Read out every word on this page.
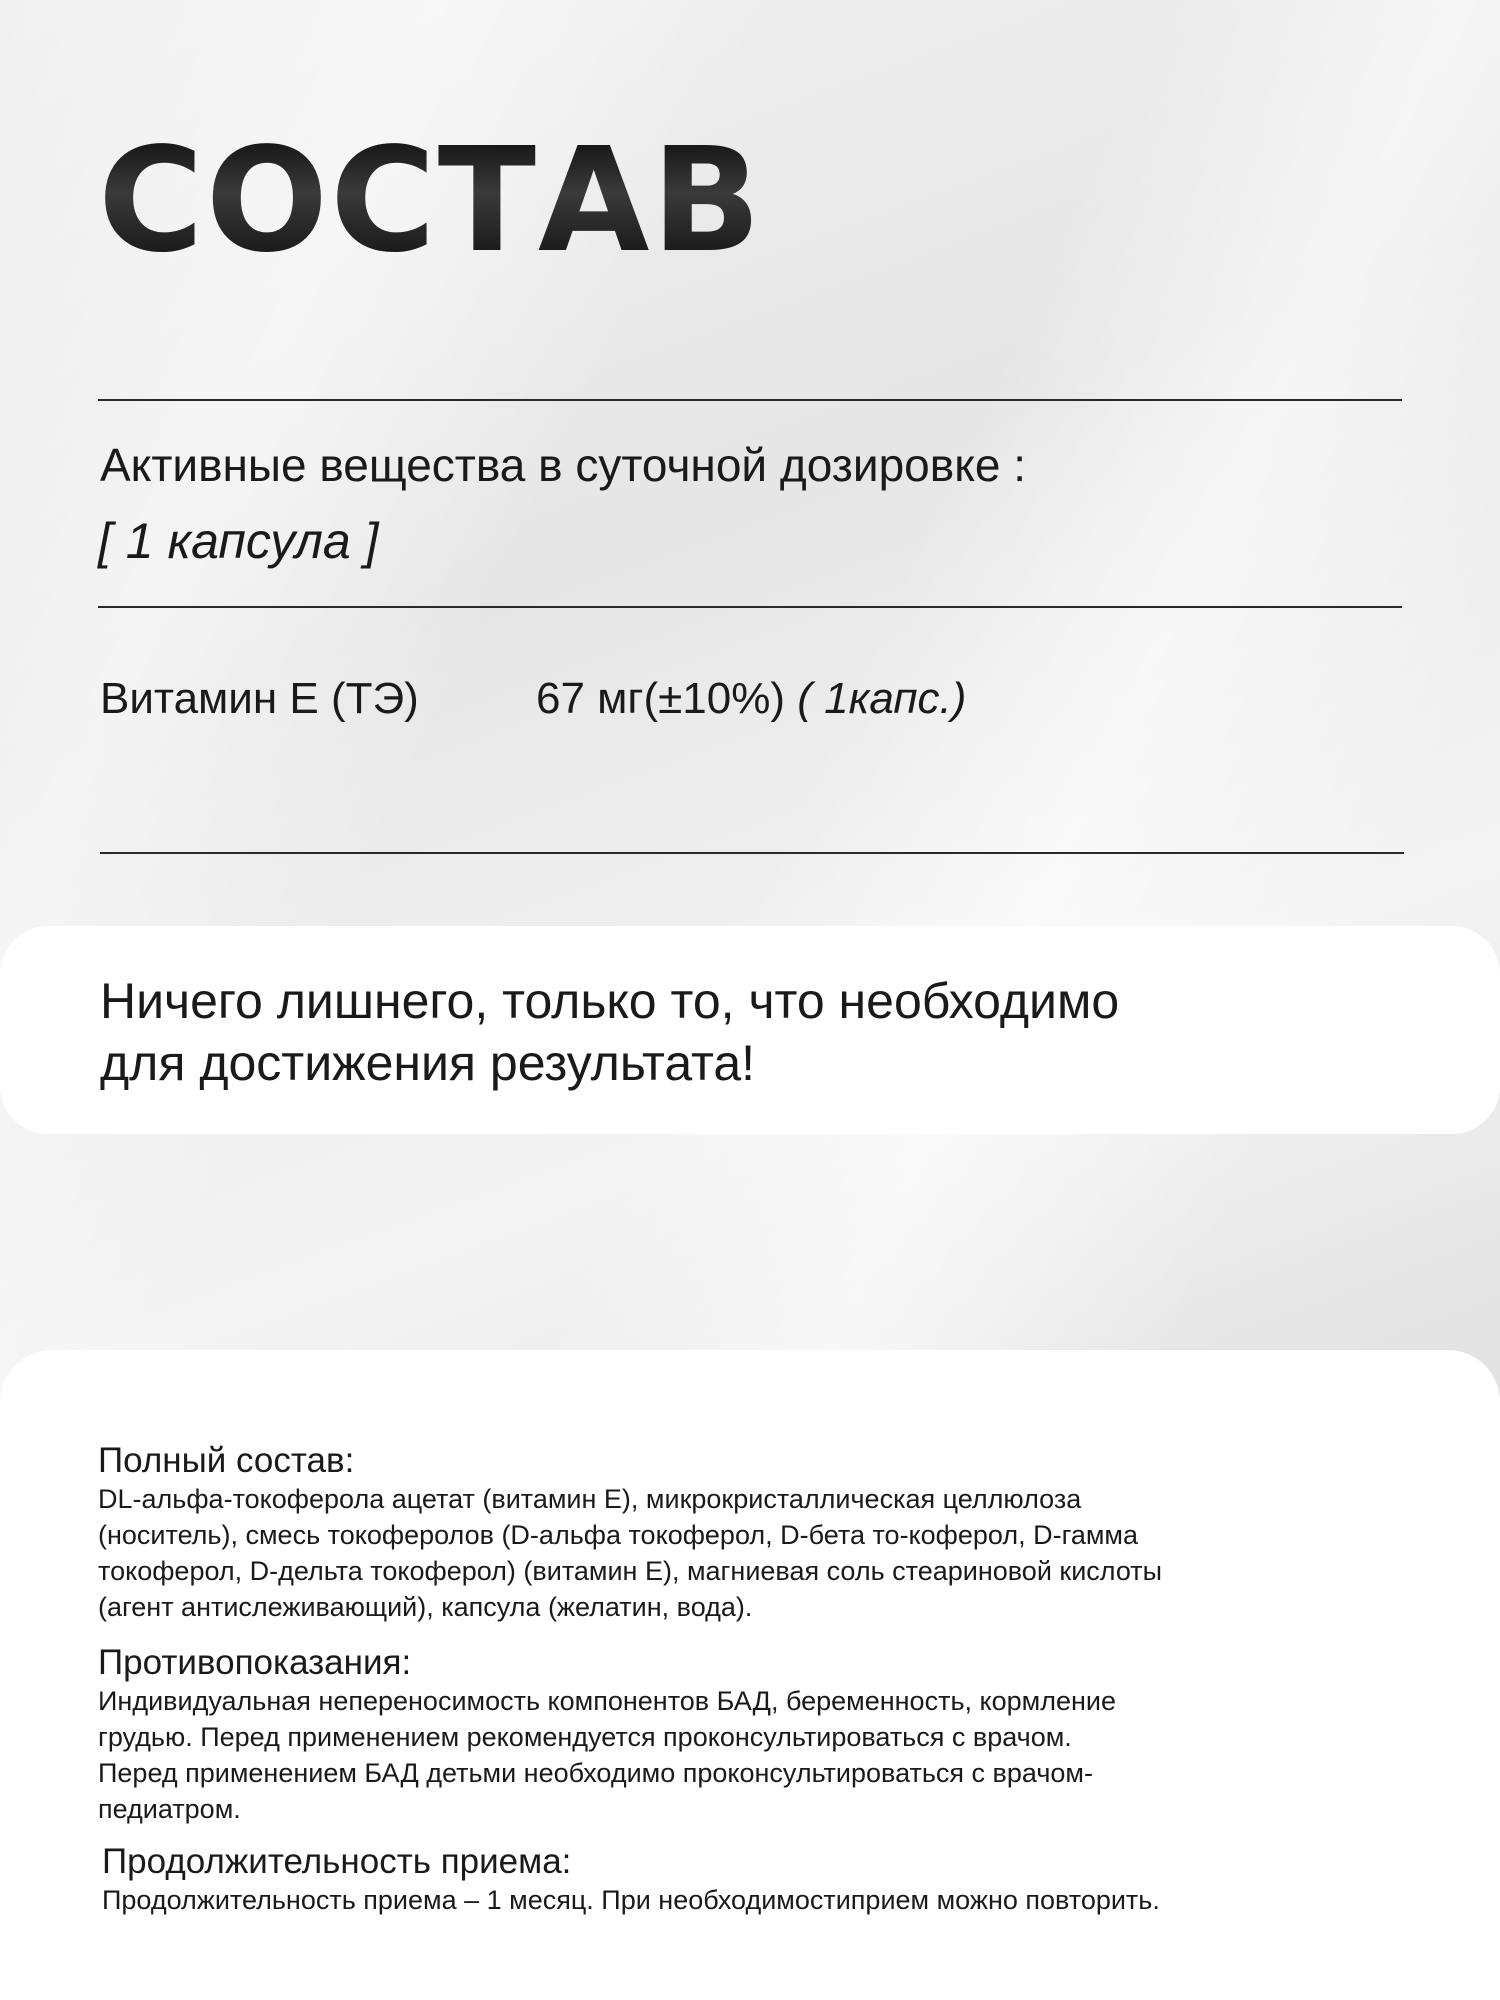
СОСТАВ
Активные вещества в суточной дозировке :
[ 1 капсула ]
Витамин Е (ТЭ)	67 мг(±10%) ( 1капс.)
Ничего лишнего, только то, что необходимо
для достижения результата!
Полный состав:
DL-альфа-токоферола ацетат (витамин Е), микрокристаллическая целлюлоза
(носитель), смесь токоферолов (D-альфа токоферол, D-бета то-коферол, D-гамма
токоферол, D-дельта токоферол) (витамин Е), магниевая соль стеариновой кислоты
(агент антислеживающий), капсула (желатин, вода).
Противопоказания:
Индивидуальная непереносимость компонентов БАД, беременность, кормление
грудью. Перед применением рекомендуется проконсультироваться с врачом.
Перед применением БАД детьми необходимо проконсультироваться с врачом-
педиатром.
Продолжительность приема:
Продолжительность приема – 1 месяц. При необходимостиприем можно повторить.
